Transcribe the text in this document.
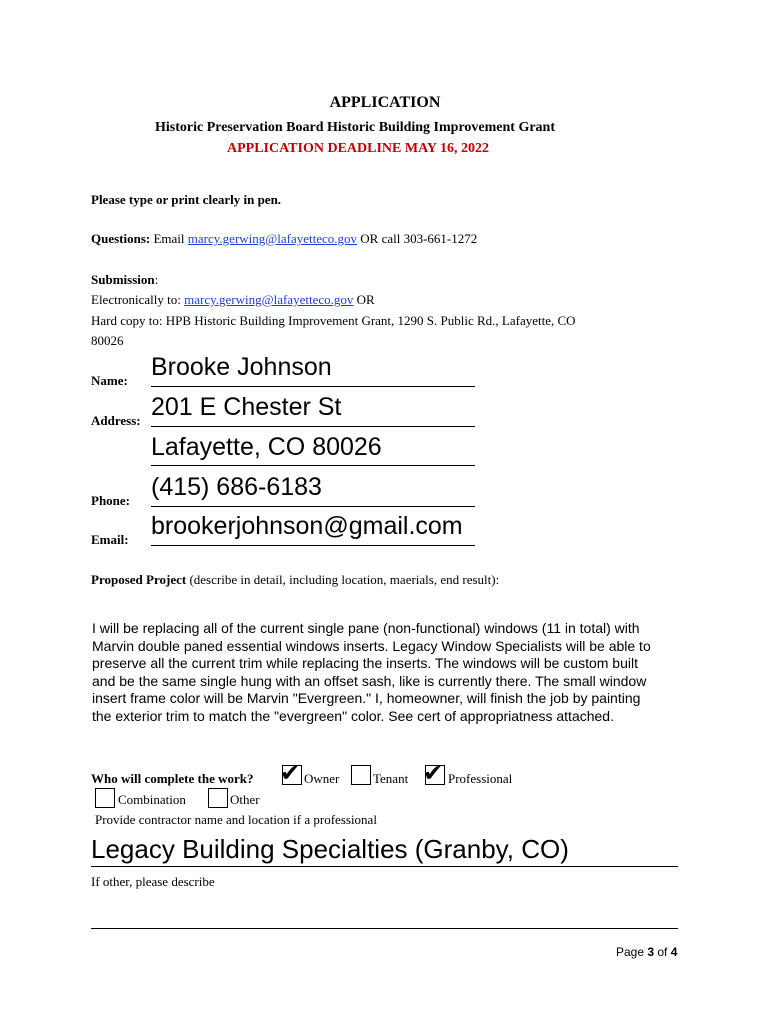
APPLICATION
Historic Preservation Board Historic Building Improvement Grant
APPLICATION DEADLINE MAY 16, 2022
Please type or print clearly in pen.
Questions: Email marcy.gerwing@lafayetteco.gov OR call 303-661-1272
Submission:
Electronically to: marcy.gerwing@lafayetteco.gov OR
Hard copy to: HPB Historic Building Improvement Grant, 1290 S. Public Rd., Lafayette, CO
80026
Name: Brooke Johnson
Address: 201 E Chester St
Lafayette, CO 80026
Phone: (415) 686-6183
Email: brookerjohnson@gmail.com
Proposed Project (describe in detail, including location, maerials, end result):
I will be replacing all of the current single pane (non-functional) windows (11 in total) with Marvin double paned essential windows inserts. Legacy Window Specialists will be able to preserve all the current trim while replacing the inserts. The windows will be custom built and be the same single hung with an offset sash, like is currently there. The small window insert frame color will be Marvin "Evergreen." I, homeowner, will finish the job by painting the exterior trim to match the "evergreen" color. See cert of appropriatness attached.
Who will complete the work? ✔ Owner	Tenant ✔ Professional
Combination	Other
Provide contractor name and location if a professional
Legacy Building Specialties (Granby, CO)
If other, please describe
Page 3 of 4
